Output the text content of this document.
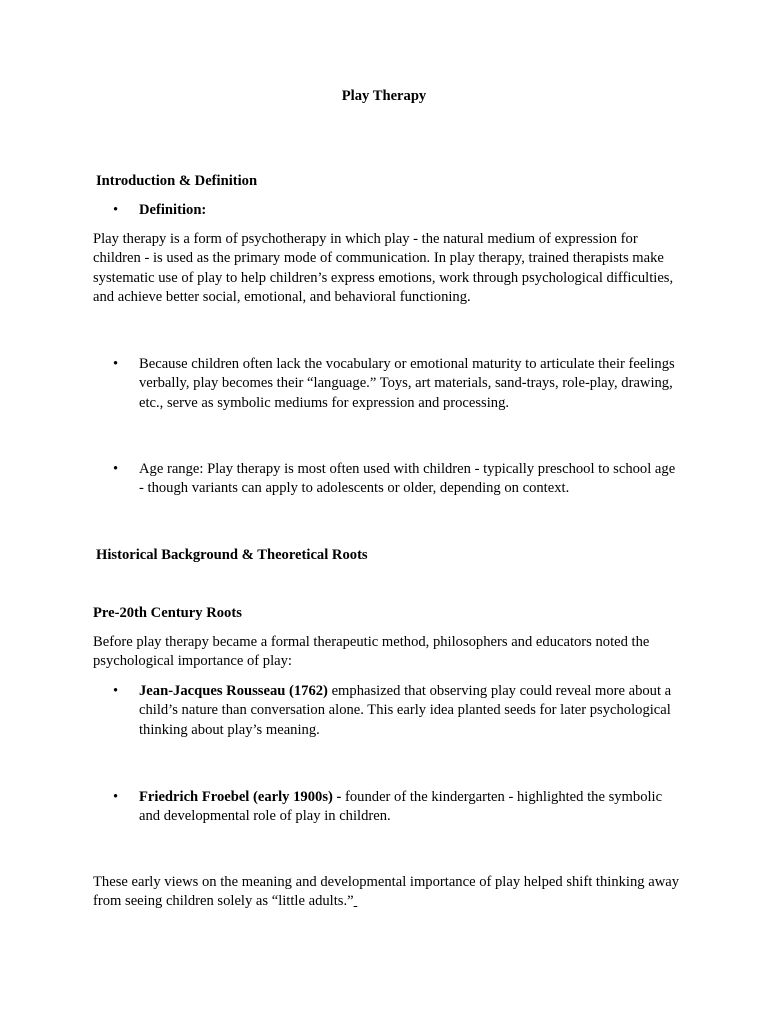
Play Therapy

Introduction & Definition

•	Definition:

Play therapy is a form of psychotherapy in which play - the natural medium of expression for children - is used as the primary mode of communication. In play therapy, trained therapists make systematic use of play to help children’s express emotions, work through psychological difficulties, and achieve better social, emotional, and behavioral functioning.

•	Because children often lack the vocabulary or emotional maturity to articulate their feelings verbally, play becomes their “language.” Toys, art materials, sand-trays, role-play, drawing, etc., serve as symbolic mediums for expression and processing.
•	Age range: Play therapy is most often used with children - typically preschool to school age - though variants can apply to adolescents or older, depending on context.

Historical Background & Theoretical Roots

Pre-20th Century Roots

Before play therapy became a formal therapeutic method, philosophers and educators noted the psychological importance of play:

•	Jean-Jacques Rousseau (1762) emphasized that observing play could reveal more about a child’s nature than conversation alone. This early idea planted seeds for later psychological thinking about play’s meaning.
•	Friedrich Froebel (early 1900s) - founder of the kindergarten - highlighted the symbolic and developmental role of play in children.

These early views on the meaning and developmental importance of play helped shift thinking away from seeing children solely as “little adults.”
